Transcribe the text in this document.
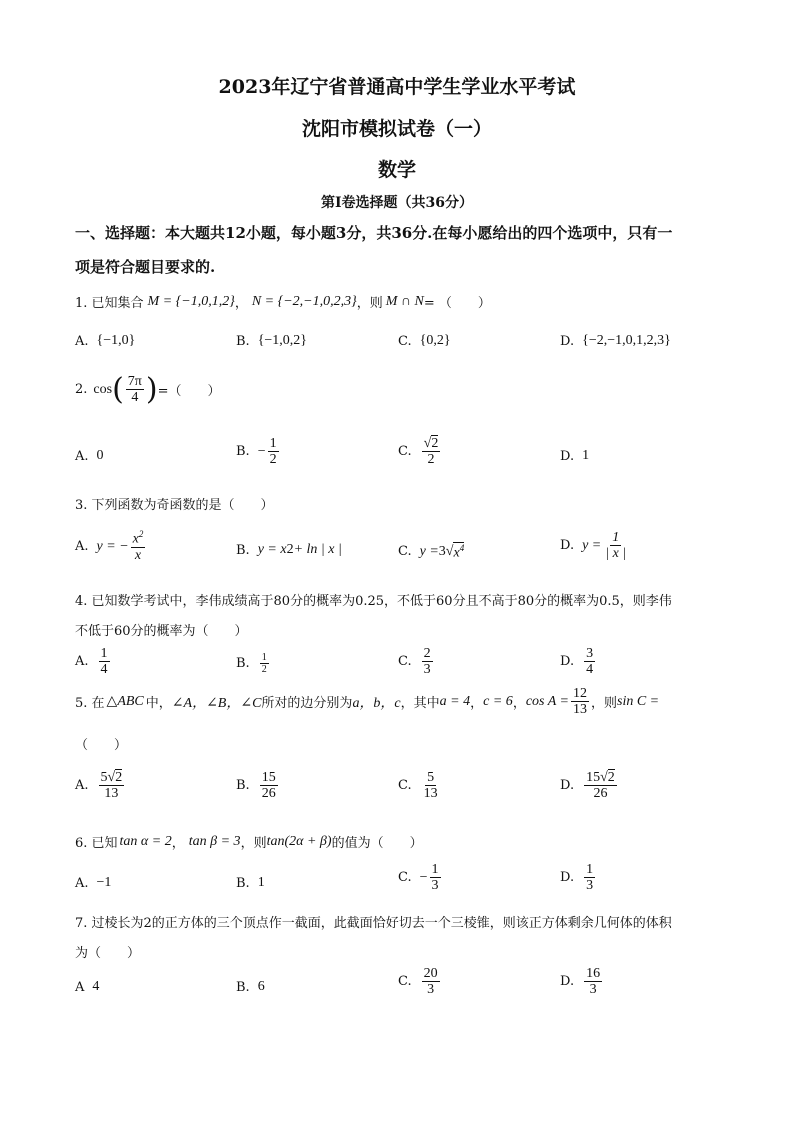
2023年辽宁省普通高中学生学业水平考试
沈阳市模拟试卷（一）
数学
第Ⅰ卷选择题（共36分）
一、选择题：本大题共12小题，每小题3分，共36分.在每小愿给出的四个选项中，只有一
项是符合题目要求的.
1. 已知集合 M = {−1,0,1,2} ， N = {−2,−1,0,2,3} ，则 M ∩ N = （　　）
A. {−1,0}	B. {−1,0,2}	C. {0,2}	D. {−2,−1,0,1,2,3}
2. cos ( $\frac{7\pi}{4}$ ) =（　　）
A. 0	B. − $\frac{1}{2}$	C. $\frac{√2}{2}$	D. 1
3. 下列函数为奇函数的是（　　）
A. y = − $\frac{x^2}{x}$	B. y = x 2 + ln | x |	C. y = 3 √ $x^4$	D. $y = \frac{1}{| x |}$
4. 已知数学考试中，李伟成绩高于80分的概率为0.25，不低于60分且不高于80分的概率为0.5，则李伟
不低于60分的概率为（　　）
A. $\frac{1}{4}$	B. $\frac{1}{2}$	C. $\frac{2}{3}$	D. $\frac{3}{4}$
5. 在 △ABC 中， ∠A，∠B，∠C 所对的边分别为 a，b，c ，其中 a = 4 ， c = 6 ， $\cos A = \frac{12}{13}$ ，则 sin C =
（　　）
A. $\frac{5√2}{13}$	B. $\frac{15}{26}$	C. $\frac{5}{13}$	D. $\frac{15√2}{26}$
6. 已知 tan α = 2 ， tan β = 3 ，则 tan(2α + β) 的值为（　　）
A. −1	B. 1	C. − $\frac{1}{3}$	D. $\frac{1}{3}$
7. 过棱长为2的正方体的三个顶点作一截面，此截面恰好切去一个三棱锥，则该正方体剩余几何体的体积
为（　　）
A 4	B. 6	C. $\frac{20}{3}$	D. $\frac{16}{3}$
